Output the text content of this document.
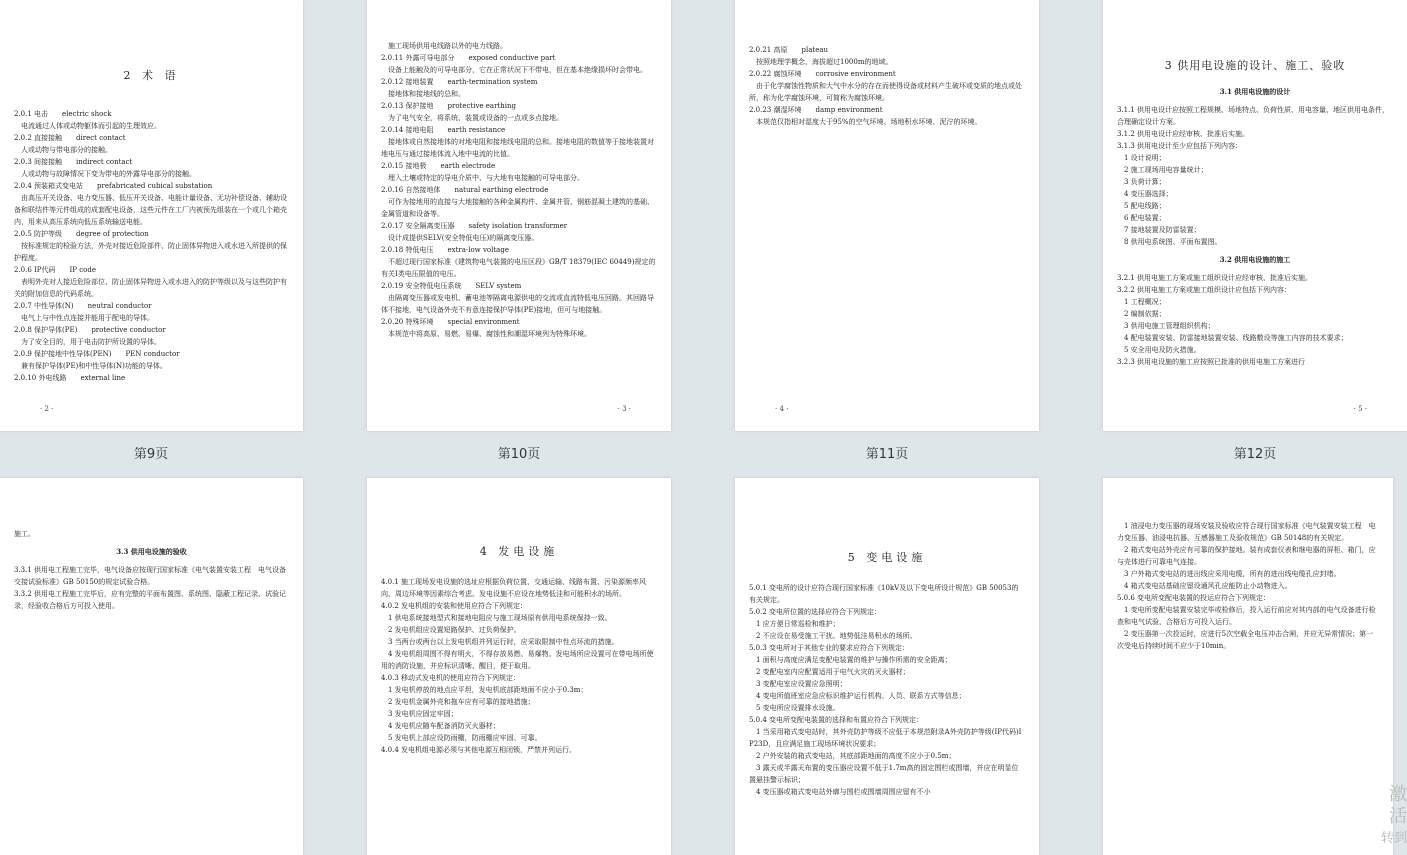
2 术 语
2.0.1 电击　　electric shock
　电流通过人体或动物躯体而引起的生理效应。
2.0.2 直接接触　　direct contact
　人或动物与带电部分的接触。
2.0.3 间接接触　　indirect contact
　人或动物与故障情况下变为带电的外露导电部分的接触。
2.0.4 预装箱式变电站　　prefabricated cubical substation
　由高压开关设备、电力变压器、低压开关设备、电能计量设备、无功补偿设备、辅助设备和联结件等元件组成的成套配电设备，这些元件在工厂内被预先组装在一个或几个箱壳内，用来从高压系统向低压系统输送电能。
2.0.5 防护等级　　degree of protection
　按标准规定的检验方法，外壳对接近危险部件、防止固体异物进入或水进入所提供的保护程度。
2.0.6 IP代码　　IP code
　表明外壳对人接近危险部位、防止固体异物进入或水进入的防护等级以及与这些防护有关的附加信息的代码系统。
2.0.7 中性导体(N)　　neutral conductor
　电气上与中性点连接并能用于配电的导体。
2.0.8 保护导体(PE)　　protective conductor
　为了安全目的，用于电击防护所设置的导体。
2.0.9 保护接地中性导体(PEN)　　PEN conductor
　兼有保护导体(PE)和中性导体(N)功能的导体。
2.0.10 外电线路　　external line
· 2 ·
　施工现场供用电线路以外的电力线路。
2.0.11 外露可导电部分　　exposed conductive part
　设备上能触及的可导电部分，它在正常状况下不带电，但在基本绝缘损坏时会带电。
2.0.12 接地装置　　earth-termination system
　接地体和接地线的总和。
2.0.13 保护接地　　protective earthing
　为了电气安全，将系统、装置或设备的一点或多点接地。
2.0.14 接地电阻　　earth resistance
　接地体或自然接地体的对地电阻和接地线电阻的总和。接地电阻的数值等于接地装置对地电压与通过接地体流入地中电流的比值。
2.0.15 接地极　　earth electrode
　埋入土壤或特定的导电介质中、与大地有电接触的可导电部分。
2.0.16 自然接地体　　natural earthing electrode
　可作为接地用的直接与大地接触的各种金属构件、金属井管、钢筋混凝土建筑的基础、金属管道和设备等。
2.0.17 安全隔离变压器　　safety isolation transformer
　设计成提供SELV(安全特低电压)的隔离变压器。
2.0.18 特低电压　　extra-low voltage
　不超过现行国家标准《建筑物电气装置的电压区段》GB/T 18379(IEC 60449)规定的有关Ⅰ类电压限值的电压。
2.0.19 安全特低电压系统　　SELV system
　由隔离变压器或发电机、蓄电池等隔离电源供电的交流或直流特低电压回路。其回路导体不接地，电气设备外壳不有意连接保护导体(PE)接地，但可与地接触。
2.0.20 特殊环境　　special environment
　本规范中将高原、易燃、易爆、腐蚀性和潮湿环境列为特殊环境。
· 3 ·
2.0.21 高原　　plateau
　按照地理学概念，海拔超过1000m的地域。
2.0.22 腐蚀环境　　corrosive environment
　由于化学腐蚀性物质和大气中水分的存在而使得设备或材料产生破坏或变质的地点或处所，称为化学腐蚀环境，可简称为腐蚀环境。
2.0.23 潮湿环境　　damp environment
　本规范仅指相对湿度大于95%的空气环境、场地积水环境、泥泞的环境。
· 4 ·
3 供用电设施的设计、施工、验收
3.1 供用电设施的设计
3.1.1 供用电设计应按照工程规模、场地特点、负荷性质、用电容量、地区供用电条件，合理确定设计方案。
3.1.2 供用电设计应经审核、批准后实施。
3.1.3 供用电设计至少应包括下列内容：
　1 设计说明；
　2 施工现场用电容量统计；
　3 负荷计算；
　4 变压器选择；
　5 配电线路；
　6 配电装置；
　7 接地装置及防雷装置；
　8 供用电系统图、平面布置图。
3.2 供用电设施的施工
3.2.1 供用电施工方案或施工组织设计应经审核、批准后实施。
3.2.2 供用电施工方案或施工组织设计应包括下列内容：
　1 工程概况；
　2 编制依据；
　3 供用电施工管理组织机构；
　4 配电装置安装、防雷接地装置安装、线路敷设等施工内容的技术要求；
　5 安全用电及防火措施。
3.2.3 供用电设施的施工应按照已批准的供用电施工方案进行
· 5 ·
第9页	第10页	第11页	第12页
施工。
3.3 供用电设施的验收
3.3.1 供用电工程施工完毕，电气设备应按现行国家标准《电气装置安装工程　电气设备交接试验标准》GB 50150的规定试验合格。
3.3.2 供用电工程施工完毕后，应有完整的平面布置图、系统图、隐蔽工程记录、试验记录，经验收合格后方可投入使用。
4 发电设施
4.0.1 施工现场发电设施的选址应根据负荷位置、交通运输、线路布置、污染源频率风向、周边环境等因素综合考虑。发电设施不应设在地势低洼和可能积水的场所。
4.0.2 发电机组的安装和使用应符合下列规定：
　1 供电系统接地型式和接地电阻应与施工现场原有供用电系统保持一致。
　2 发电机组应设置短路保护、过负荷保护。
　3 当两台或两台以上发电机组并列运行时，应采取限制中性点环流的措施。
　4 发电机组周围不得有明火，不得存放易燃、易爆物。发电场所应设置可在带电场所使用的消防设施，并应标识清晰、醒目，便于取用。
4.0.3 移动式发电机的使用应符合下列规定：
　1 发电机停放的地点应平坦，发电机底部距地面不应小于0.3m；
　2 发电机金属外壳和拖车应有可靠的接地措施；
　3 发电机应固定牢固；
　4 发电机应随车配备消防灭火器材；
　5 发电机上部应设防雨棚，防雨棚应牢固、可靠。
4.0.4 发电机组电源必须与其他电源互相闭锁，严禁并列运行。
5 变电设施
5.0.1 变电所的设计应符合现行国家标准《10kV及以下变电所设计规范》GB 50053的有关规定。
5.0.2 变电所位置的选择应符合下列规定：
　1 应方便日常巡检和维护；
　2 不应设在易受施工干扰、地势低洼易积水的场所。
5.0.3 变电所对于其他专业的要求应符合下列规定：
　1 面积与高度应满足变配电装置的维护与操作所需的安全距离；
　2 变配电室内应配置适用于电气火灾的灭火器材；
　3 变配电室应设置应急照明；
　4 变电所值班室应急应标识维护运行机构、人员、联系方式等信息；
　5 变电所应设置排水设施。
5.0.4 变电所变配电装置的选择和布置应符合下列规定：
　1 当采用箱式变电站时，其外壳防护等级不应低于本规范附录A外壳防护等级(IP代码)IP23D，且应满足施工现场环境状况要求；
　2 户外安装的箱式变电站，其底部距地面的高度不应小于0.5m；
　3 露天或半露天布置的变压器应设置不低于1.7m高的固定围栏或围墙，并应在明显位置悬挂警示标识；
　4 变压器或箱式变电站外廓与围栏或围墙周围应留有不小
　1 油浸电力变压器的现场安装及验收应符合现行国家标准《电气装置安装工程　电力变压器、油浸电抗器、互感器施工及验收规范》GB 50148的有关规定。
　2 箱式变电站外壳应有可靠的保护接地。装有成套仪表和继电器的屏柜、箱门，应与壳体进行可靠电气连接。
　3 户外箱式变电站的进出线应采用电缆，所有的进出线电缆孔应封堵。
　4 箱式变电站基础应留设通风孔应能防止小动物进入。
5.0.6 变电所变配电装置的投运应符合下列规定：
　1 变电所变配电装置安装完毕或检修后，投入运行前应对其内部的电气设备进行检查和电气试验，合格后方可投入运行。
　2 变压器第一次投运时，应进行5次空载全电压冲击合闸，并应无异常情况；第一次受电后持续时间不应少于10min。
激活
转到
